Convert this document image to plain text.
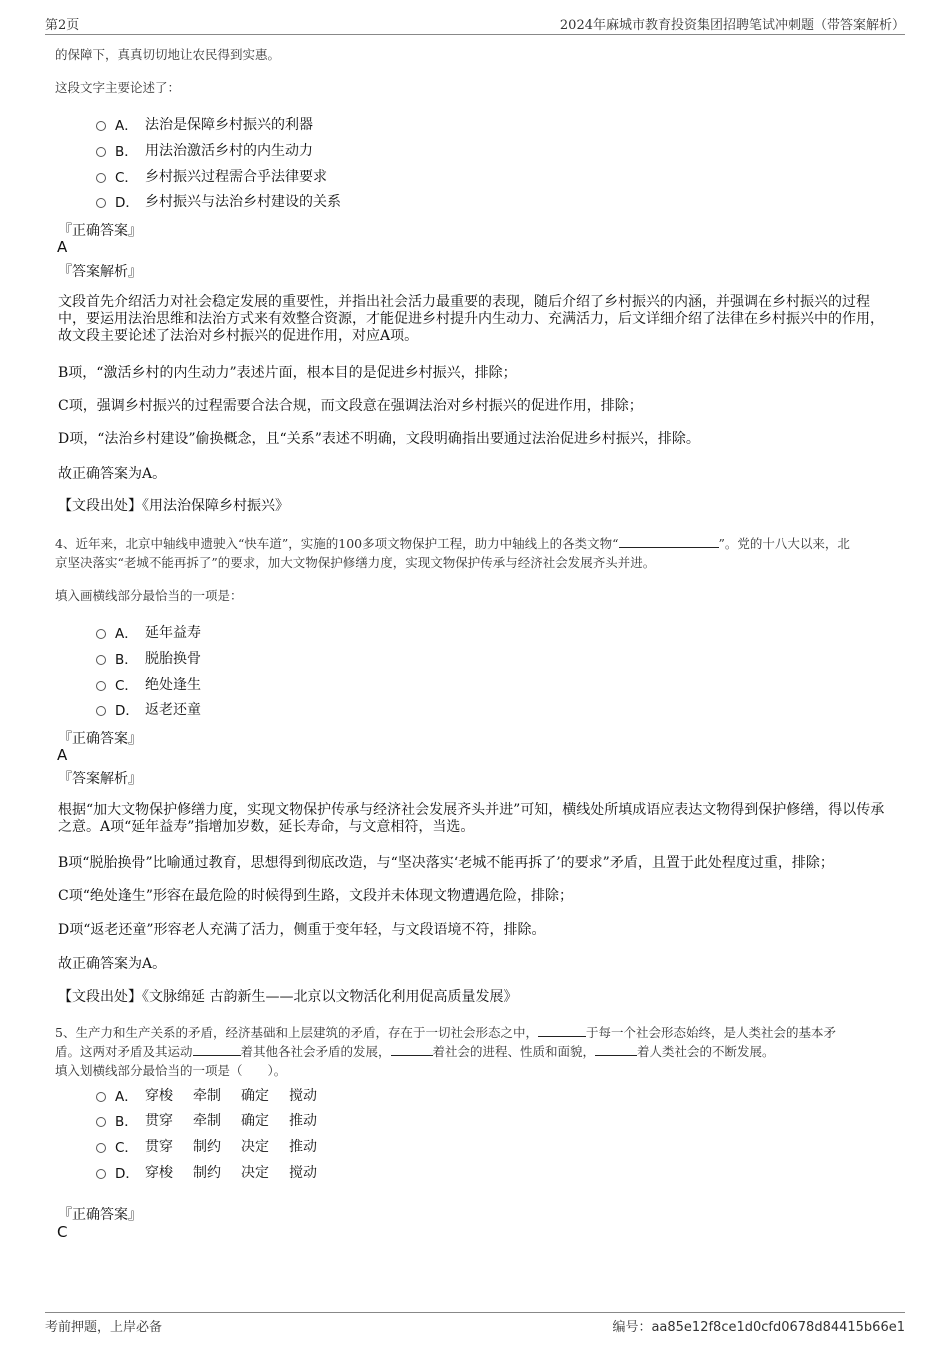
第2页	2024年麻城市教育投资集团招聘笔试冲刺题（带答案解析）
的保障下，真真切切地让农民得到实惠。
这段文字主要论述了：
A． 法治是保障乡村振兴的利器
B． 用法治激活乡村的内生动力
C． 乡村振兴过程需合乎法律要求
D． 乡村振兴与法治乡村建设的关系
『正确答案』
A
『答案解析』
文段首先介绍活力对社会稳定发展的重要性，并指出社会活力最重要的表现，随后介绍了乡村振兴的内涵，并强调在乡村振兴的过程中，要运用法治思维和法治方式来有效整合资源，才能促进乡村提升内生动力、充满活力，后文详细介绍了法律在乡村振兴中的作用，故文段主要论述了法治对乡村振兴的促进作用，对应A项。
B项，“激活乡村的内生动力”表述片面，根本目的是促进乡村振兴，排除；
C项，强调乡村振兴的过程需要合法合规，而文段意在强调法治对乡村振兴的促进作用，排除；
D项，“法治乡村建设”偷换概念，且“关系”表述不明确，文段明确指出要通过法治促进乡村振兴，排除。
故正确答案为A。
【文段出处】《用法治保障乡村振兴》
4、近年来，北京中轴线申遗驶入“快车道”，实施的100多项文物保护工程，助力中轴线上的各类文物“	”。党的十八大以来，北
京坚决落实“老城不能再拆了”的要求，加大文物保护修缮力度，实现文物保护传承与经济社会发展齐头并进。
填入画横线部分最恰当的一项是：
A． 延年益寿
B． 脱胎换骨
C． 绝处逢生
D． 返老还童
『正确答案』
A
『答案解析』
根据“加大文物保护修缮力度，实现文物保护传承与经济社会发展齐头并进”可知，横线处所填成语应表达文物得到保护修缮，得以传承之意。A项“延年益寿”指增加岁数，延长寿命，与文意相符，当选。
B项“脱胎换骨”比喻通过教育，思想得到彻底改造，与“坚决落实‘老城不能再拆了’的要求”矛盾，且置于此处程度过重，排除；
C项“绝处逢生”形容在最危险的时候得到生路，文段并未体现文物遭遇危险，排除；
D项“返老还童”形容老人充满了活力，侧重于变年轻，与文段语境不符，排除。
故正确答案为A。
【文段出处】《文脉绵延 古韵新生——北京以文物活化利用促高质量发展》
5、生产力和生产关系的矛盾，经济基础和上层建筑的矛盾，存在于一切社会形态之中，	于每一个社会形态始终，是人类社会的基本矛
盾。这两对矛盾及其运动	着其他各社会矛盾的发展，	着社会的进程、性质和面貌，	着人类社会的不断发展。
填入划横线部分最恰当的一项是（　　）。
A． 穿梭 牵制 确定 搅动
B． 贯穿 牵制 确定 推动
C． 贯穿 制约 决定 推动
D． 穿梭 制约 决定 搅动
『正确答案』
C
考前押题，上岸必备	编号：aa85e12f8ce1d0cfd0678d84415b66e1
